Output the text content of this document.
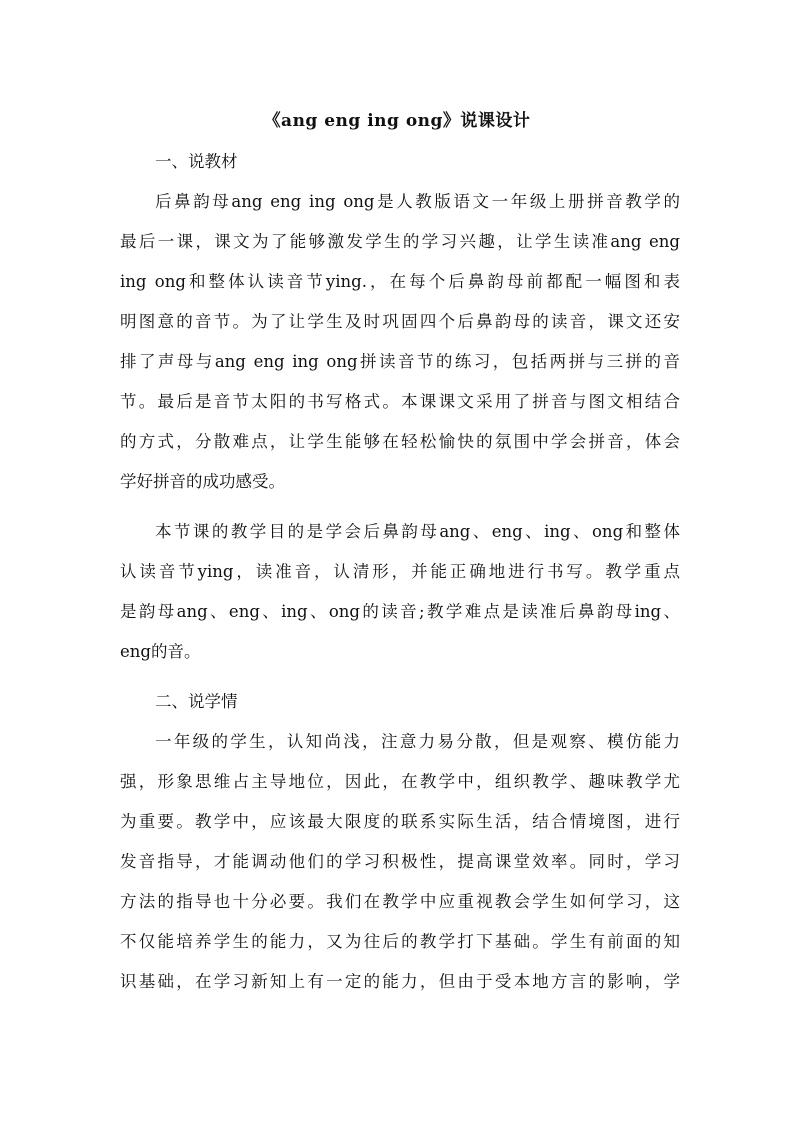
《ang eng ing ong》说课设计
一、说教材
后鼻韵母ang eng ing ong是人教版语文一年级上册拼音教学的
最后一课，课文为了能够激发学生的学习兴趣，让学生读准ang eng
ing ong和整体认读音节ying.，在每个后鼻韵母前都配一幅图和表
明图意的音节。为了让学生及时巩固四个后鼻韵母的读音，课文还安
排了声母与ang eng ing ong拼读音节的练习，包括两拼与三拼的音
节。最后是音节太阳的书写格式。本课课文采用了拼音与图文相结合
的方式，分散难点，让学生能够在轻松愉快的氛围中学会拼音，体会
学好拼音的成功感受。
本节课的教学目的是学会后鼻韵母ang、eng、ing、ong和整体
认读音节ying，读准音，认清形，并能正确地进行书写。教学重点
是韵母ang、eng、ing、ong的读音;教学难点是读准后鼻韵母ing、
eng的音。
二、说学情
一年级的学生，认知尚浅，注意力易分散，但是观察、模仿能力
强，形象思维占主导地位，因此，在教学中，组织教学、趣味教学尤
为重要。教学中，应该最大限度的联系实际生活，结合情境图，进行
发音指导，才能调动他们的学习积极性，提高课堂效率。同时，学习
方法的指导也十分必要。我们在教学中应重视教会学生如何学习，这
不仅能培养学生的能力，又为往后的教学打下基础。学生有前面的知
识基础，在学习新知上有一定的能力，但由于受本地方言的影响，学
